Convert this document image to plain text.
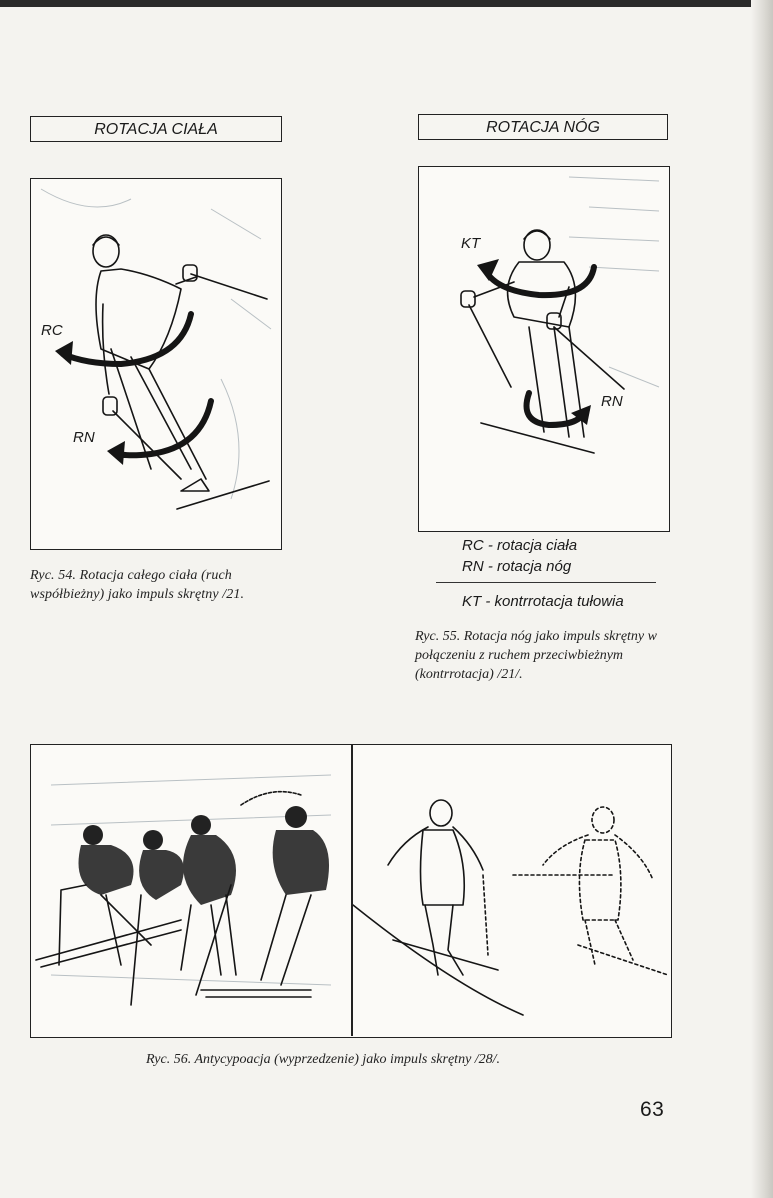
ROTACJA CIAŁA
RC
RN
Ryc. 54. Rotacja całego ciała (ruch współbieżny) jako impuls skrętny /21.
ROTACJA NÓG
KT
RN
RC - rotacja ciała
RN - rotacja nóg
KT - kontrrotacja tułowia
Ryc. 55. Rotacja nóg jako impuls skrętny w połączeniu z ruchem przeciwbieżnym (kontrrotacja) /21/.
Ryc. 56. Antycypoacja (wyprzedzenie) jako impuls skrętny /28/.
63
